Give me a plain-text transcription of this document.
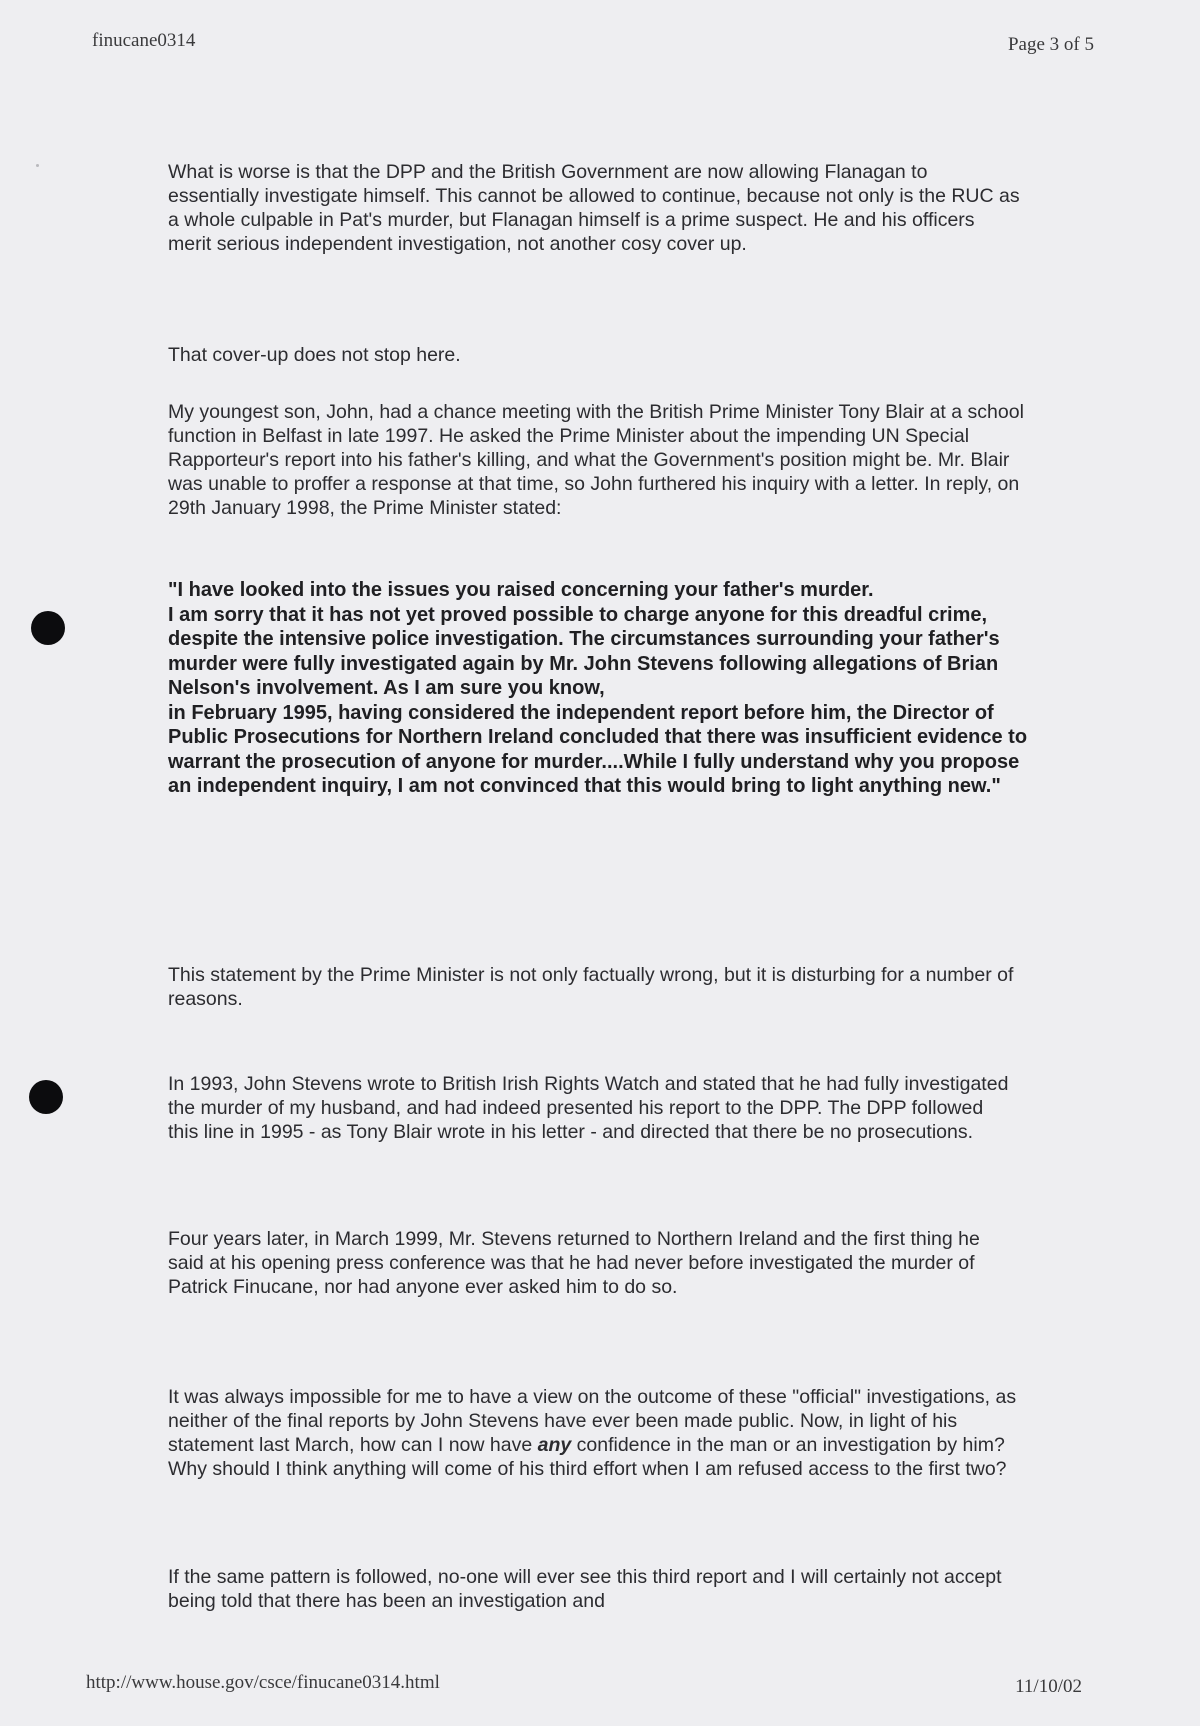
finucane0314	Page 3 of 5

What is worse is that the DPP and the British Government are now allowing Flanagan to essentially investigate himself. This cannot be allowed to continue, because not only is the RUC as a whole culpable in Pat's murder, but Flanagan himself is a prime suspect. He and his officers merit serious independent investigation, not another cosy cover up.

That cover-up does not stop here.

My youngest son, John, had a chance meeting with the British Prime Minister Tony Blair at a school function in Belfast in late 1997. He asked the Prime Minister about the impending UN Special Rapporteur's report into his father's killing, and what the Government's position might be. Mr. Blair was unable to proffer a response at that time, so John furthered his inquiry with a letter. In reply, on 29th January 1998, the Prime Minister stated:

"I have looked into the issues you raised concerning your father's murder.

I am sorry that it has not yet proved possible to charge anyone for this dreadful crime, despite the intensive police investigation. The circumstances surrounding your father's murder were fully investigated again by Mr. John Stevens following allegations of Brian Nelson's involvement. As I am sure you know,

in February 1995, having considered the independent report before him, the Director of Public Prosecutions for Northern Ireland concluded that there was insufficient evidence to warrant the prosecution of anyone for murder....While I fully understand why you propose an independent inquiry, I am not convinced that this would bring to light anything new."

This statement by the Prime Minister is not only factually wrong, but it is disturbing for a number of reasons.

In 1993, John Stevens wrote to British Irish Rights Watch and stated that he had fully investigated the murder of my husband, and had indeed presented his report to the DPP. The DPP followed this line in 1995 - as Tony Blair wrote in his letter - and directed that there be no prosecutions.

Four years later, in March 1999, Mr. Stevens returned to Northern Ireland and the first thing he said at his opening press conference was that he had never before investigated the murder of Patrick Finucane, nor had anyone ever asked him to do so.

It was always impossible for me to have a view on the outcome of these "official" investigations, as neither of the final reports by John Stevens have ever been made public. Now, in light of his statement last March, how can I now have any confidence in the man or an investigation by him? Why should I think anything will come of his third effort when I am refused access to the first two?

If the same pattern is followed, no-one will ever see this third report and I will certainly not accept being told that there has been an investigation and

http://www.house.gov/csce/finucane0314.html	11/10/02
